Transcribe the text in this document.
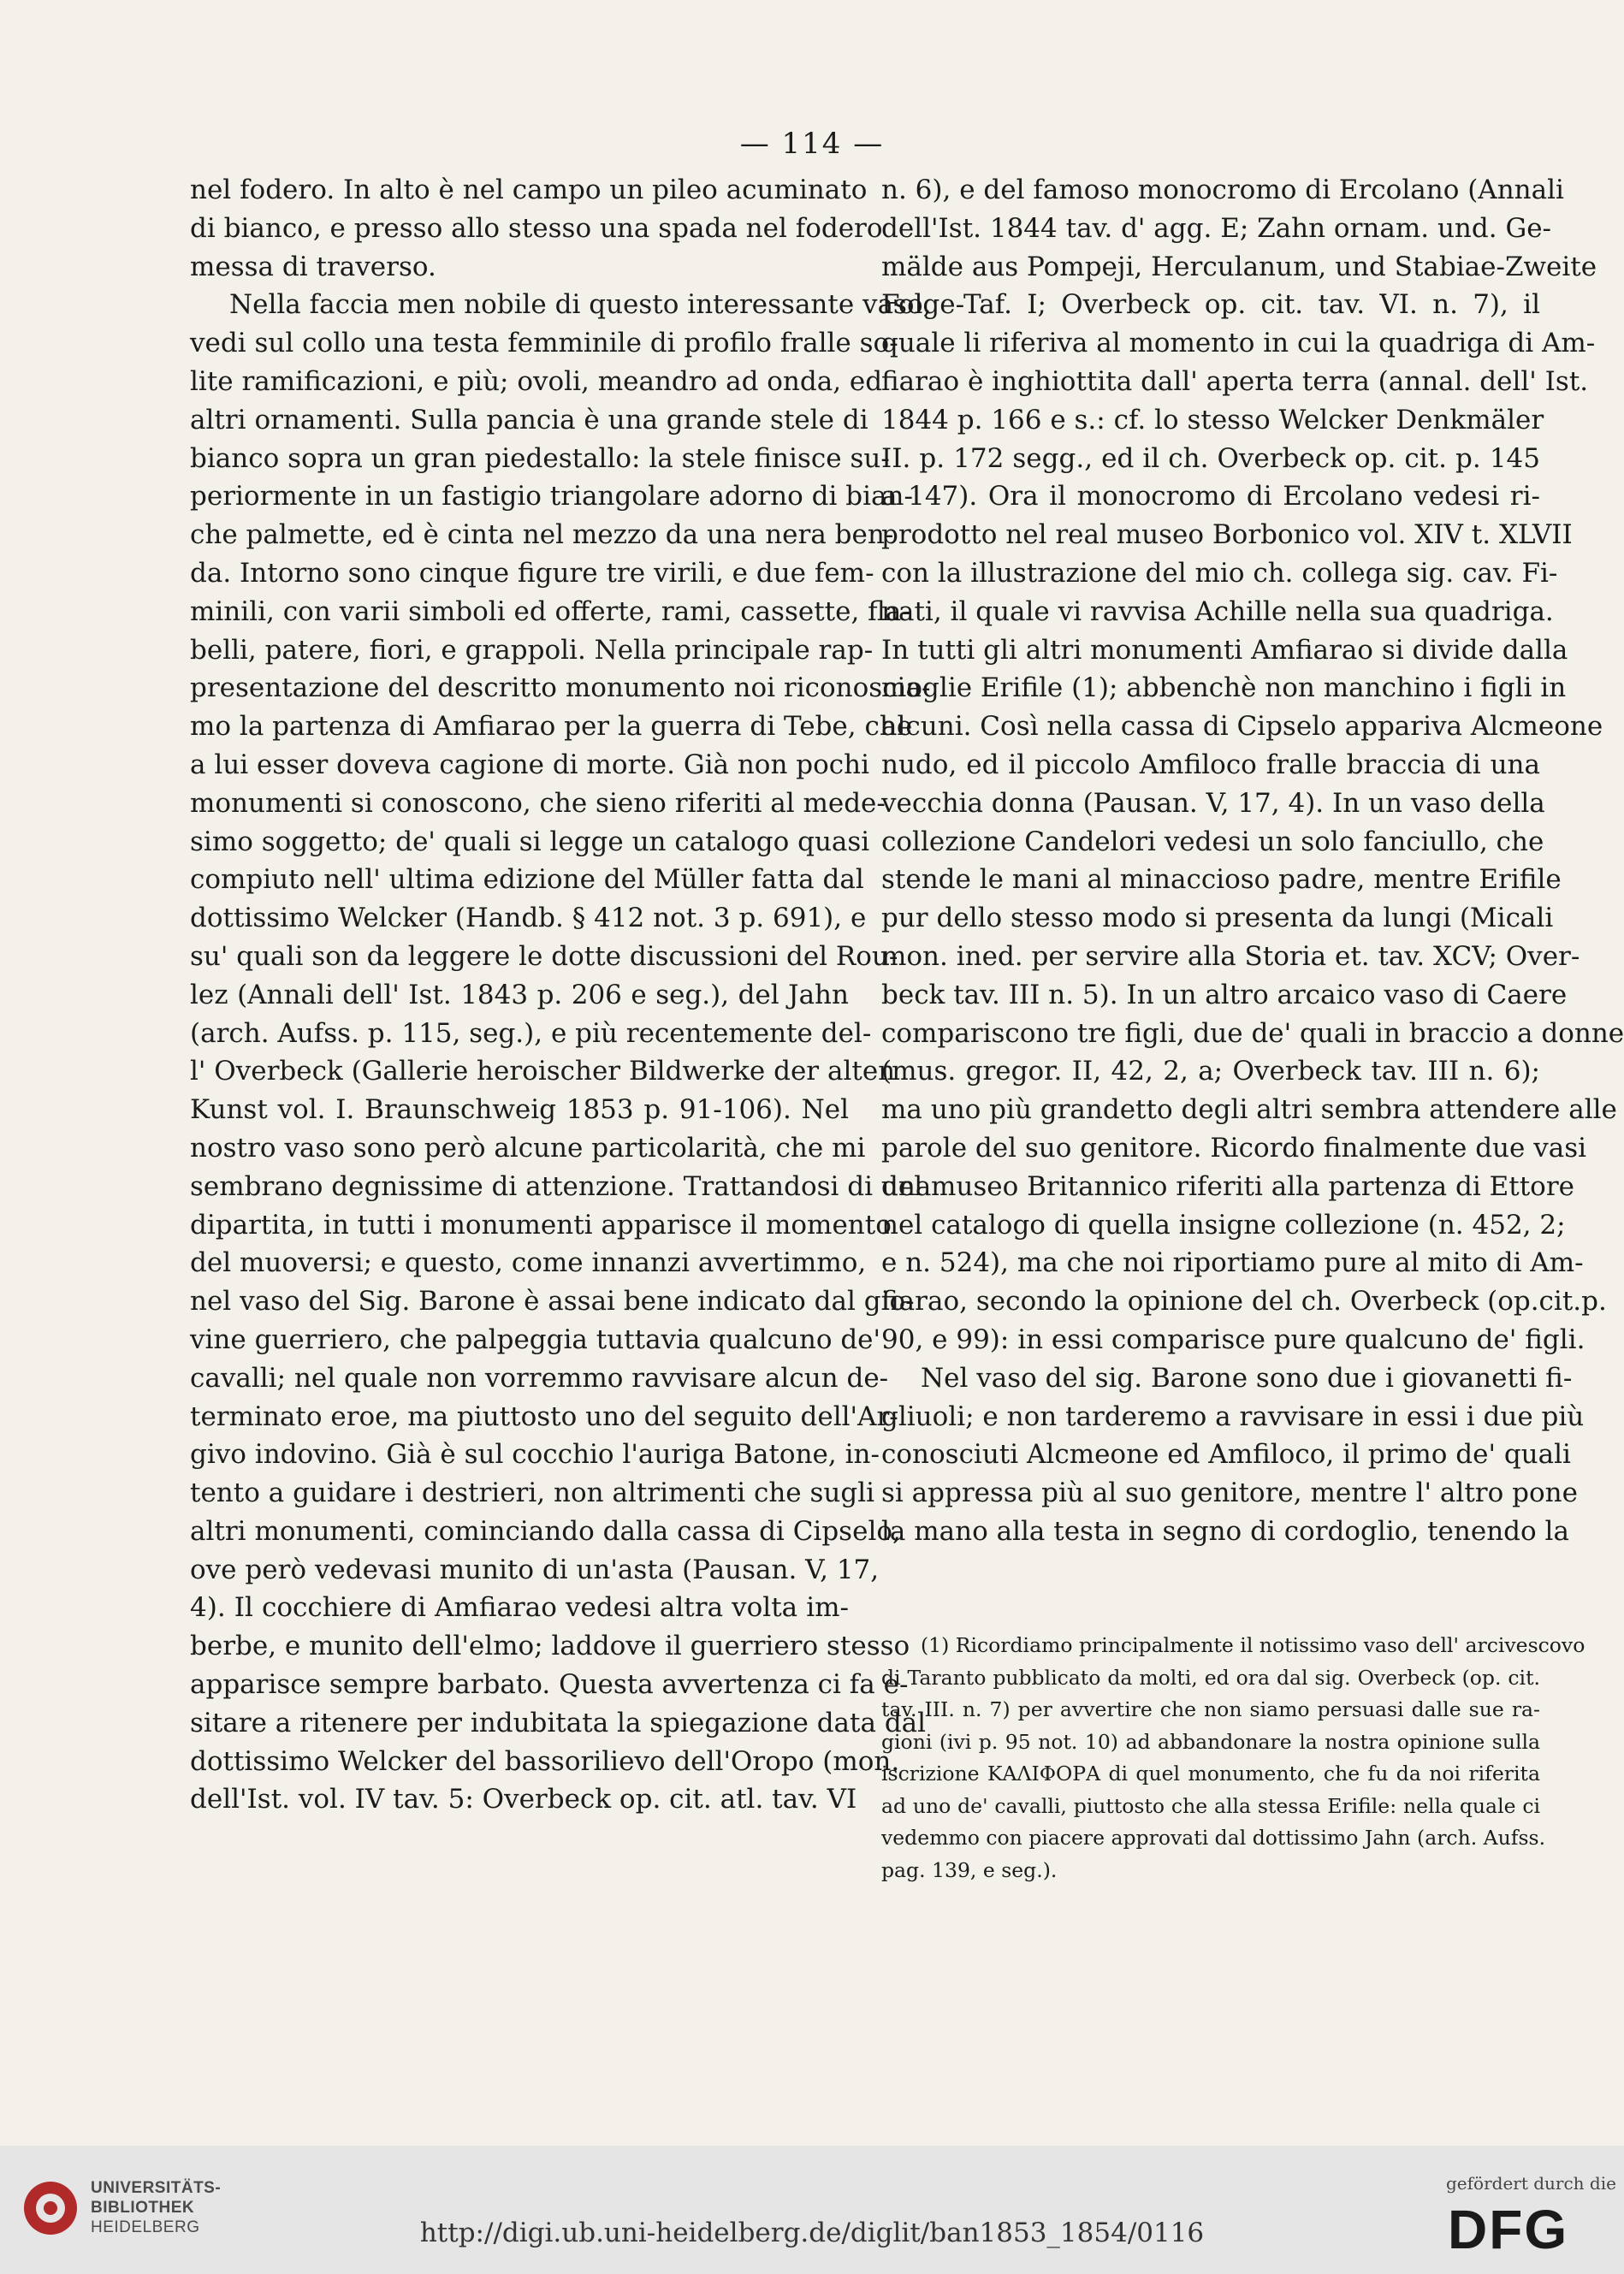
— 114 —
nel fodero. In alto è nel campo un pileo acuminato
di bianco, e presso allo stesso una spada nel fodero
messa di traverso.
Nella faccia men nobile di questo interessante vaso,
vedi sul collo una testa femminile di profilo fralle so-
lite ramificazioni, e più; ovoli, meandro ad onda, ed
altri ornamenti. Sulla pancia è una grande stele di
bianco sopra un gran piedestallo: la stele finisce su-
periormente in un fastigio triangolare adorno di bian-
che palmette, ed è cinta nel mezzo da una nera ben-
da. Intorno sono cinque figure tre virili, e due fem-
minili, con varii simboli ed offerte, rami, cassette, fla-
belli, patere, fiori, e grappoli. Nella principale rap-
presentazione del descritto monumento noi riconoscia-
mo la partenza di Amfiarao per la guerra di Tebe, che
a lui esser doveva cagione di morte. Già non pochi
monumenti si conoscono, che sieno riferiti al mede-
simo soggetto; de' quali si legge un catalogo quasi
compiuto nell' ultima edizione del Müller fatta dal
dottissimo Welcker (Handb. § 412 not. 3 p. 691), e
su' quali son da leggere le dotte discussioni del Rou-
lez (Annali dell' Ist. 1843 p. 206 e seg.), del Jahn
(arch. Aufss. p. 115, seg.), e più recentemente del-
l' Overbeck (Gallerie heroischer Bildwerke der alten
Kunst vol. I. Braunschweig 1853 p. 91-106). Nel
nostro vaso sono però alcune particolarità, che mi
sembrano degnissime di attenzione. Trattandosi di una
dipartita, in tutti i monumenti apparisce il momento
del muoversi; e questo, come innanzi avvertimmo,
nel vaso del Sig. Barone è assai bene indicato dal gio-
vine guerriero, che palpeggia tuttavia qualcuno de'
cavalli; nel quale non vorremmo ravvisare alcun de-
terminato eroe, ma piuttosto uno del seguito dell'Ar-
givo indovino. Già è sul cocchio l'auriga Batone, in-
tento a guidare i destrieri, non altrimenti che sugli
altri monumenti, cominciando dalla cassa di Cipselo,
ove però vedevasi munito di un'asta (Pausan. V, 17,
4). Il cocchiere di Amfiarao vedesi altra volta im-
berbe, e munito dell'elmo; laddove il guerriero stesso
apparisce sempre barbato. Questa avvertenza ci fa e-
sitare a ritenere per indubitata la spiegazione data dal
dottissimo Welcker del bassorilievo dell'Oropo (mon.
dell'Ist. vol. IV tav. 5: Overbeck op. cit. atl. tav. VI
n. 6), e del famoso monocromo di Ercolano (Annali
dell'Ist. 1844 tav. d' agg. E; Zahn ornam. und. Ge-
mälde aus Pompeji, Herculanum, und Stabiae-Zweite
Folge-Taf. I; Overbeck op. cit. tav. VI. n. 7), il
quale li riferiva al momento in cui la quadriga di Am-
fiarao è inghiottita dall' aperta terra (annal. dell' Ist.
1844 p. 166 e s.: cf. lo stesso Welcker Denkmäler
II. p. 172 segg., ed il ch. Overbeck op. cit. p. 145
a 147). Ora il monocromo di Ercolano vedesi ri-
prodotto nel real museo Borbonico vol. XIV t. XLVII
con la illustrazione del mio ch. collega sig. cav. Fi-
nati, il quale vi ravvisa Achille nella sua quadriga.
In tutti gli altri monumenti Amfiarao si divide dalla
moglie Erifile (1); abbenchè non manchino i figli in
alcuni. Così nella cassa di Cipselo appariva Alcmeone
nudo, ed il piccolo Amfiloco fralle braccia di una
vecchia donna (Pausan. V, 17, 4). In un vaso della
collezione Candelori vedesi un solo fanciullo, che
stende le mani al minaccioso padre, mentre Erifile
pur dello stesso modo si presenta da lungi (Micali
mon. ined. per servire alla Storia et. tav. XCV; Over-
beck tav. III n. 5). In un altro arcaico vaso di Caere
compariscono tre figli, due de' quali in braccio a donne
(mus. gregor. II, 42, 2, a; Overbeck tav. III n. 6);
ma uno più grandetto degli altri sembra attendere alle
parole del suo genitore. Ricordo finalmente due vasi
del museo Britannico riferiti alla partenza di Ettore
nel catalogo di quella insigne collezione (n. 452, 2;
e n. 524), ma che noi riportiamo pure al mito di Am-
fiarao, secondo la opinione del ch. Overbeck (op.cit.p.
90, e 99): in essi comparisce pure qualcuno de' figli.
Nel vaso del sig. Barone sono due i giovanetti fi-
gliuoli; e non tarderemo a ravvisare in essi i due più
conosciuti Alcmeone ed Amfiloco, il primo de' quali
si appressa più al suo genitore, mentre l' altro pone
la mano alla testa in segno di cordoglio, tenendo la
(1) Ricordiamo principalmente il notissimo vaso dell' arcivescovo
di Taranto pubblicato da molti, ed ora dal sig. Overbeck (op. cit.
tav. III. n. 7) per avvertire che non siamo persuasi dalle sue ra-
gioni (ivi p. 95 not. 10) ad abbandonare la nostra opinione sulla
iscrizione ΚΑΛΙΦΟΡΑ di quel monumento, che fu da noi riferita
ad uno de' cavalli, piuttosto che alla stessa Erifile: nella quale ci
vedemmo con piacere approvati dal dottissimo Jahn (arch. Aufss.
pag. 139, e seg.).
UNIVERSITÄTS-
BIBLIOTHEK
HEIDELBERG	http://digi.ub.uni-heidelberg.de/diglit/ban1853_1854/0116
gefördert durch die
DFG
